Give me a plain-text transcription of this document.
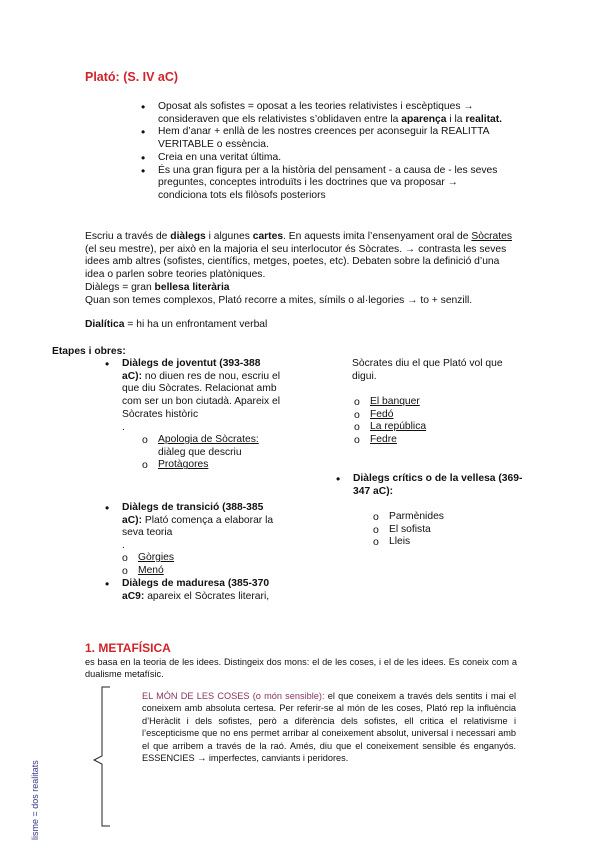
Plató: (S. IV aC)
• Oposat als sofistes = oposat a les teories relativistes i escèptiques → consideraven que els relativistes s’oblidaven entre la aparença i la realitat.
• Hem d’anar + enllà de les nostres creences per aconseguir la REALITTA VERITABLE o essència.
• Creia en una veritat última.
• És una gran figura per a la història del pensament - a causa de - les seves preguntes, conceptes introduïts i les doctrines que va proposar → condiciona tots els filòsofs posteriors
Escriu a través de diàlegs i algunes cartes. En aquests imita l’ensenyament oral de Sòcrates (el seu mestre), per això en la majoria el seu interlocutor és Sòcrates. → contrasta les seves idees amb altres (sofistes, científics, metges, poetes, etc). Debaten sobre la definició d’una idea o parlen sobre teories platòniques.
Diàlegs = gran bellesa literària
Quan son temes complexos, Plató recorre a mites, símils o al·legories → to + senzill.
Dialítica = hi ha un enfrontament verbal
Etapes i obres:
• Diàlegs de joventut (393-388 aC): no diuen res de nou, escriu el que diu Sòcrates. Relacionat amb com ser un bon ciutadà. Apareix el Sòcrates històric
.
o Apologia de Sòcrates:
diàleg que descriu
o Protàgores
• Diàlegs de transició (388-385 aC): Plató comença a elaborar la seva teoria
.
o Gòrgies
o Menó
• Diàlegs de maduresa (385-370 aC9: apareix el Sòcrates literari,
Sòcrates diu el que Plató vol que digui.
o El banquer
o Fedó
o La república
o Fedre
• Diàlegs crítics o de la vellesa (369-347 aC):
o Parmènides
o El sofista
o Lleis
1. METAFÍSICA
es basa en la teoria de les idees. Distingeix dos mons: el de les coses, i el de les idees. Es coneix com a dualisme metafísic.
EL MÓN DE LES COSES (o món sensible): el que coneixem a través dels sentits i mai el coneixem amb absoluta certesa. Per referir-se al món de les coses, Plató rep la influència d’Heràclit i dels sofistes, però a diferència dels sofistes, ell critica el relativisme i l’escepticisme que no ens permet arribar al coneixement absolut, universal i necessari amb el que arribem a través de la raó. Amés, diu que el coneixement sensible és enganyós. ESSENCIES → imperfectes, canviants i peridores.
lisme = dos realitats
